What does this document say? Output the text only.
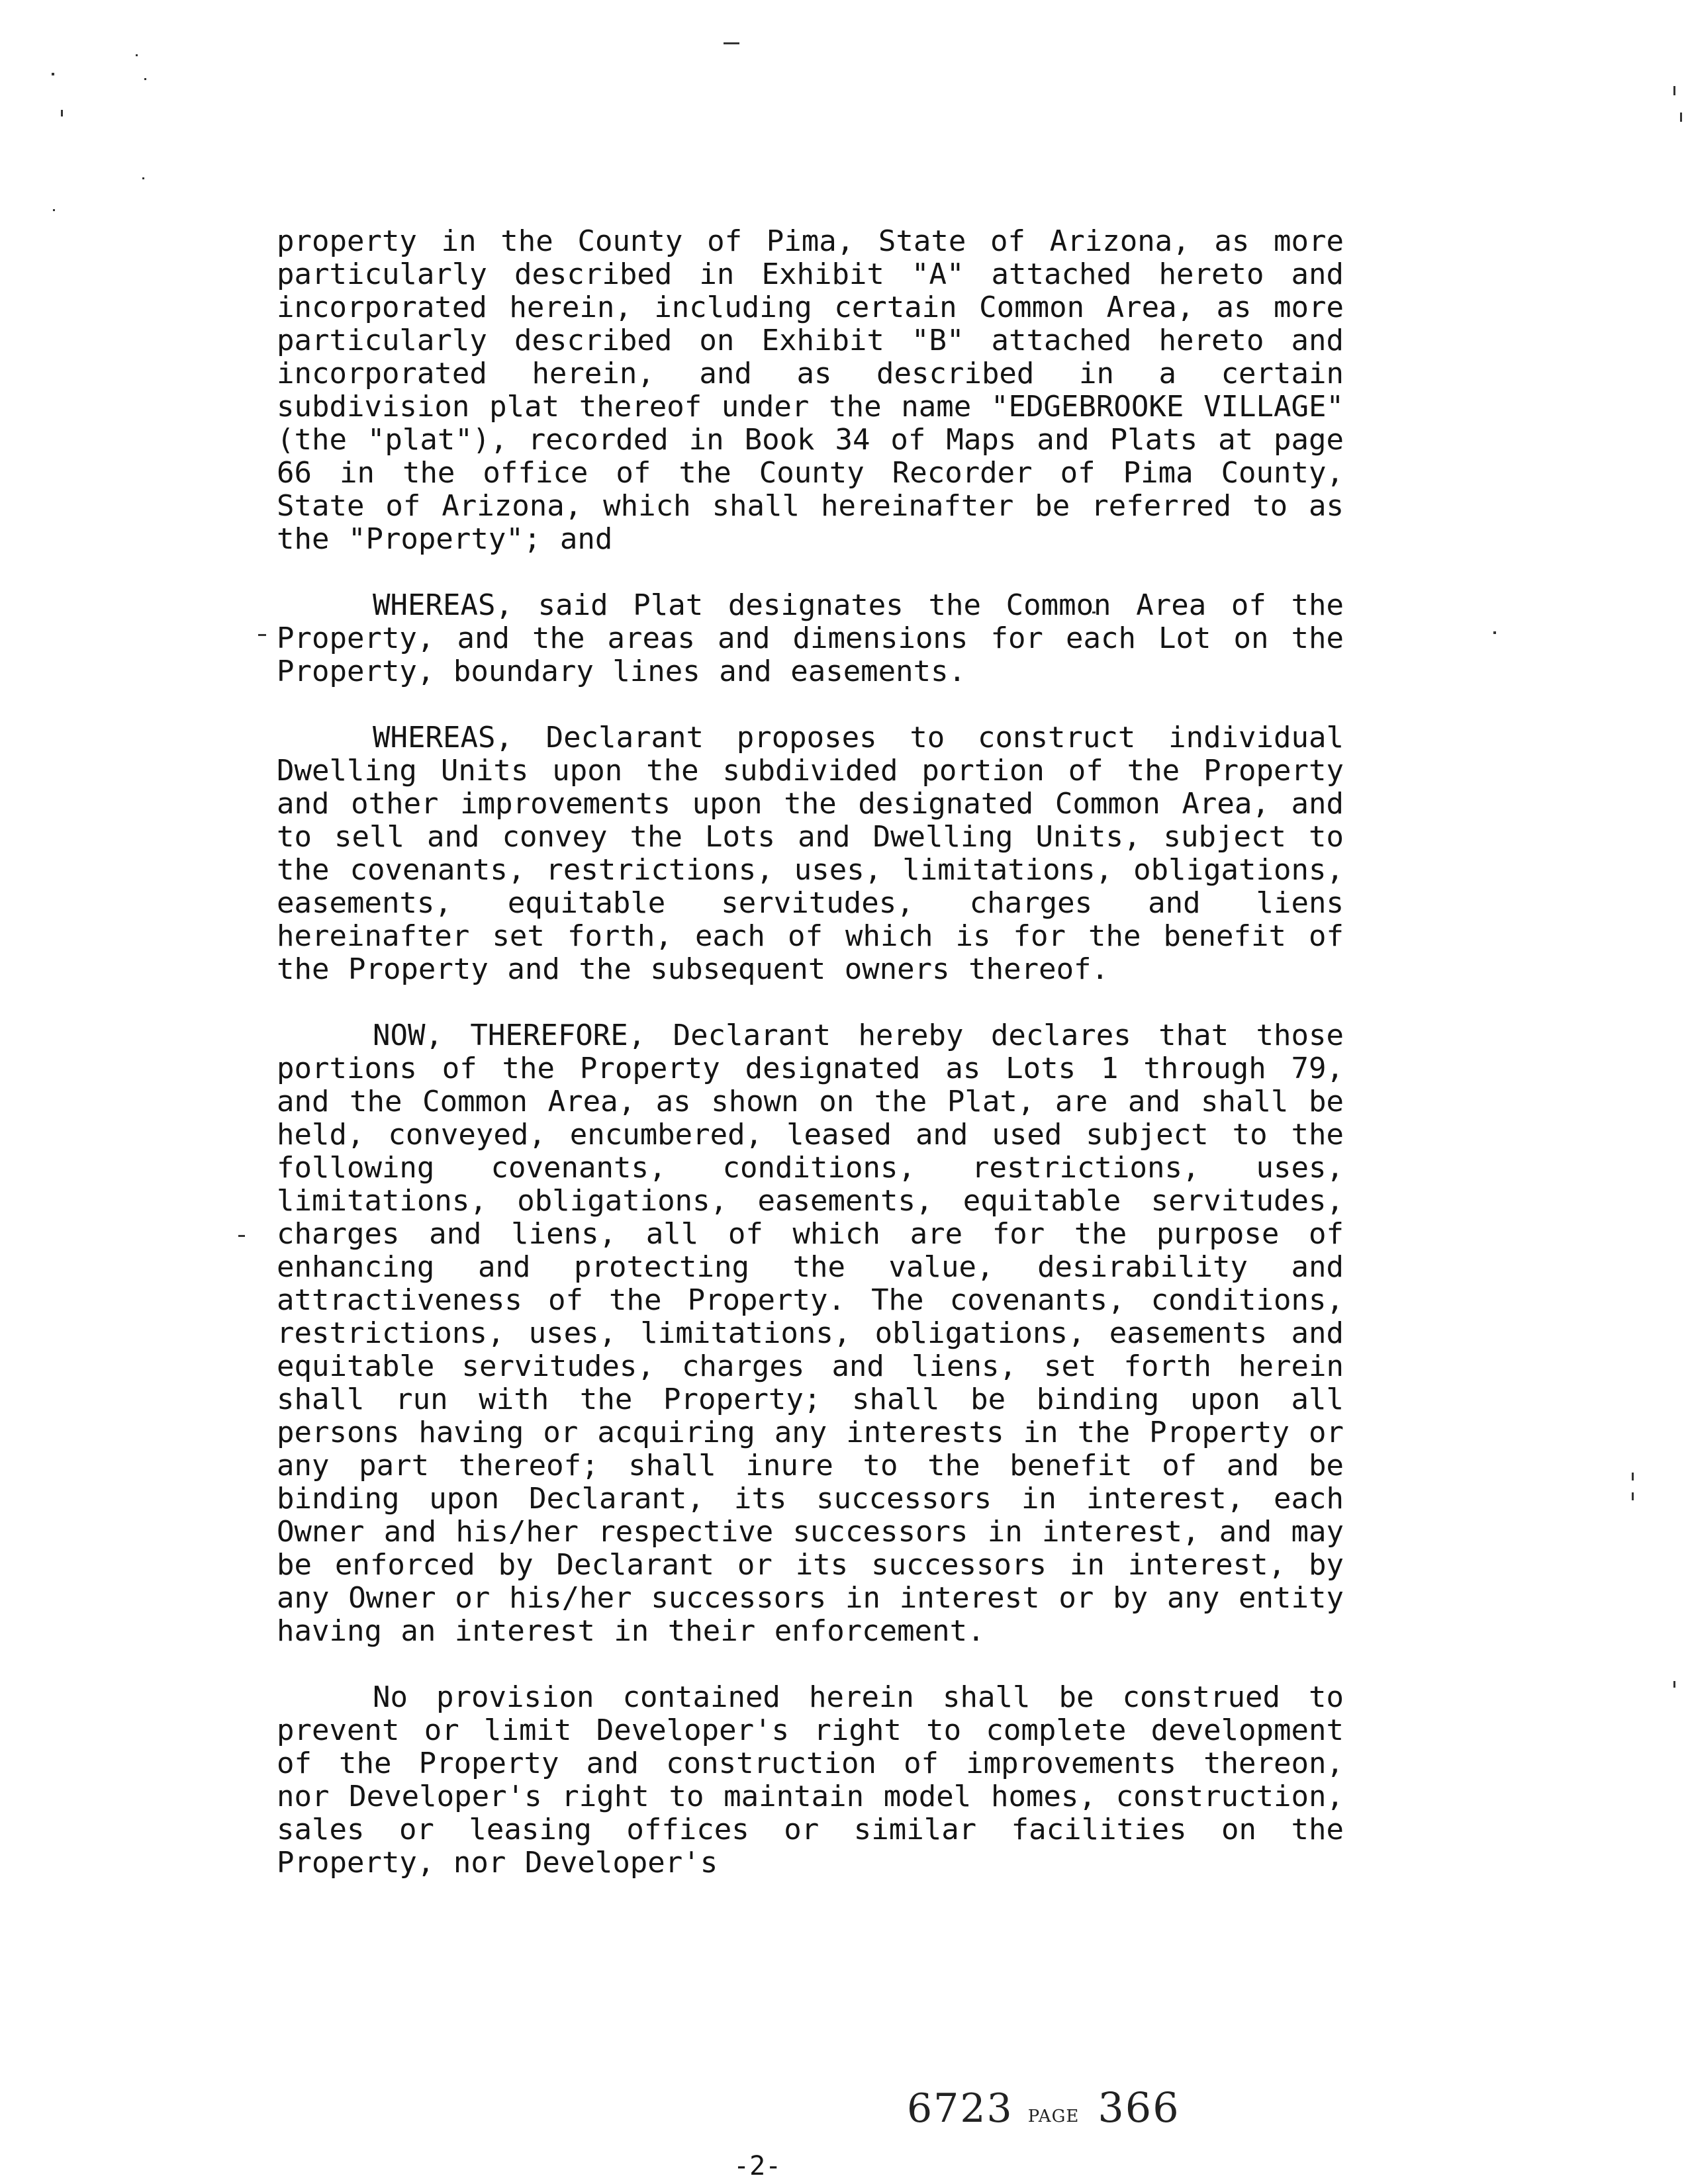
property in the County of Pima, State of Arizona, as more particularly described in Exhibit "A" attached hereto and incorporated herein, including certain Common Area, as more particularly described on Exhibit "B" attached hereto and incorporated herein, and as described in a certain subdivision plat thereof under the name "EDGEBROOKE VILLAGE" (the "plat"), recorded in Book 34 of Maps and Plats at page 66 in the office of the County Recorder of Pima County, State of Arizona, which shall hereinafter be referred to as the "Property"; and

WHEREAS, said Plat designates the Common Area of the Property, and the areas and dimensions for each Lot on the Property, boundary lines and easements.

WHEREAS, Declarant proposes to construct individual Dwelling Units upon the subdivided portion of the Property and other improvements upon the designated Common Area, and to sell and convey the Lots and Dwelling Units, subject to the covenants, restrictions, uses, limitations, obligations, easements, equitable servitudes, charges and liens hereinafter set forth, each of which is for the benefit of the Property and the subsequent owners thereof.

NOW, THEREFORE, Declarant hereby declares that those portions of the Property designated as Lots 1 through 79, and the Common Area, as shown on the Plat, are and shall be held, conveyed, encumbered, leased and used subject to the following covenants, conditions, restrictions, uses, limitations, obligations, easements, equitable servitudes, charges and liens, all of which are for the purpose of enhancing and protecting the value, desirability and attractiveness of the Property. The covenants, conditions, restrictions, uses, limitations, obligations, easements and equitable servitudes, charges and liens, set forth herein shall run with the Property; shall be binding upon all persons having or acquiring any interests in the Property or any part thereof; shall inure to the benefit of and be binding upon Declarant, its successors in interest, each Owner and his/her respective successors in interest, and may be enforced by Declarant or its successors in interest, by any Owner or his/her successors in interest or by any entity having an interest in their enforcement.

No provision contained herein shall be construed to prevent or limit Developer's right to complete development of the Property and construction of improvements thereon, nor Developer's right to maintain model homes, construction, sales or leasing offices or similar facilities on the Property, nor Developer's

6723 PAGE 366
-2-
